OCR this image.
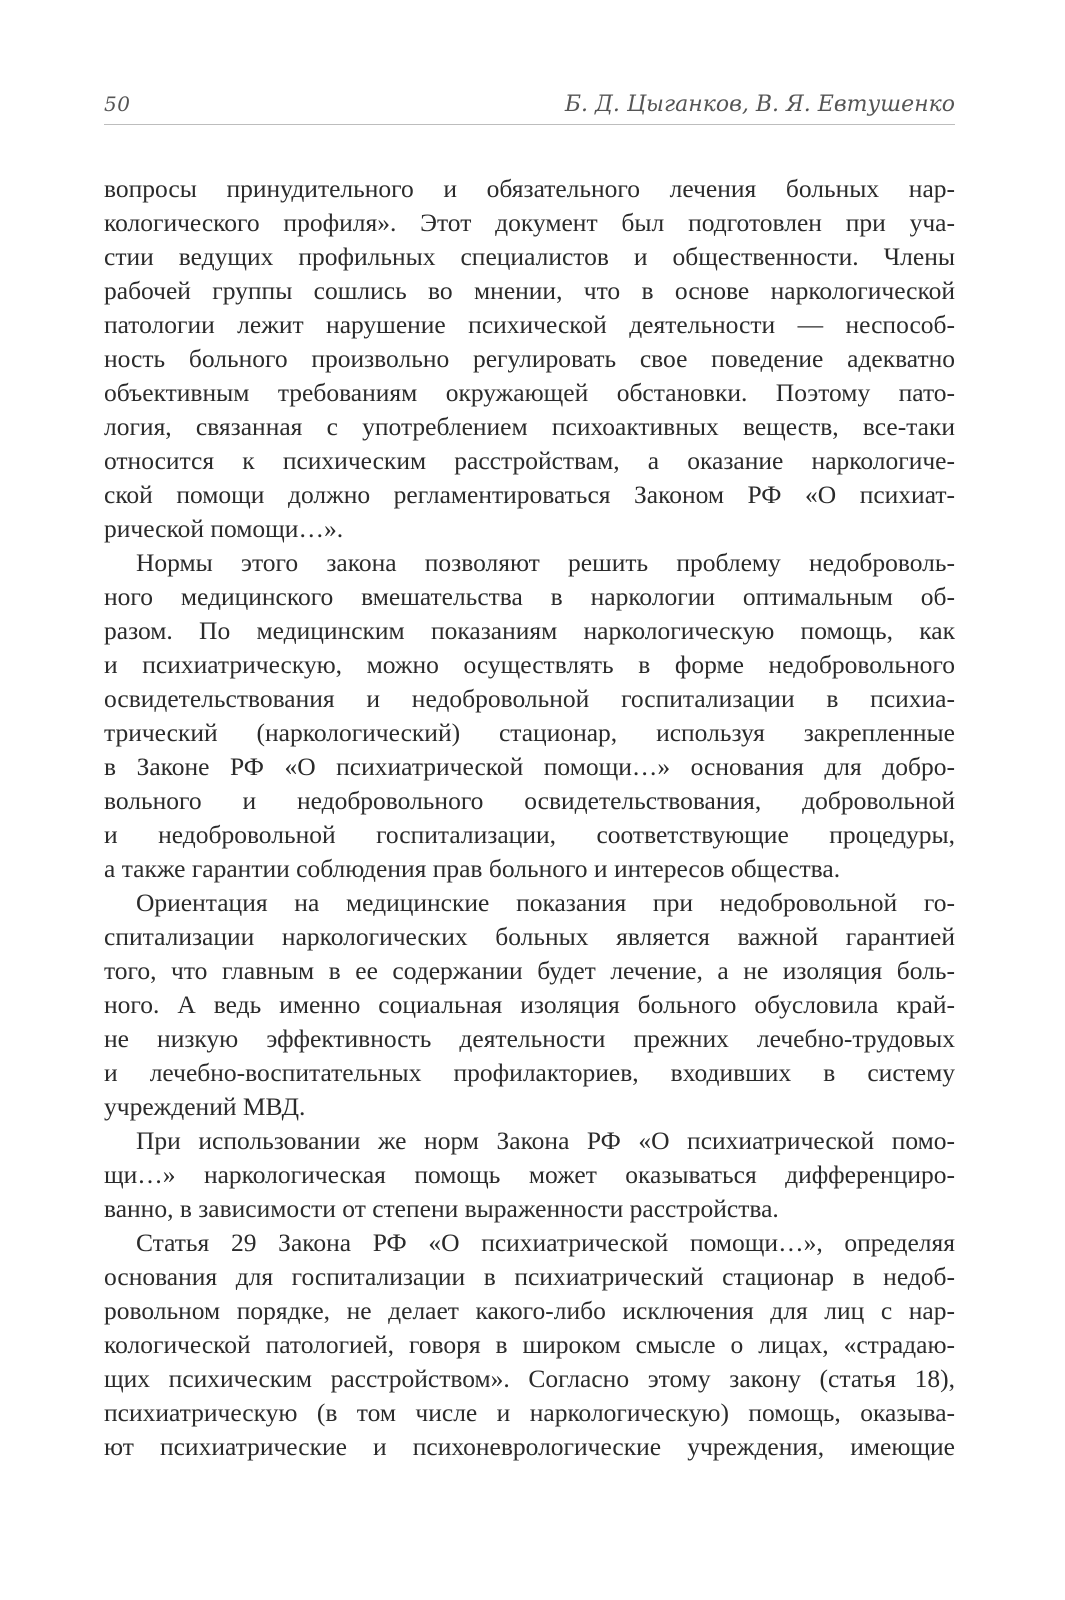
50	Б. Д. Цыганков, В. Я. Евтушенко
вопросы принудительного и обязательного лечения больных нар-
кологического профиля». Этот документ был подготовлен при уча-
стии ведущих профильных специалистов и общественности. Члены
рабочей группы сошлись во мнении, что в основе наркологической
патологии лежит нарушение психической деятельности — неспособ-
ность больного произвольно регулировать свое поведение адекватно
объективным требованиям окружающей обстановки. Поэтому пато-
логия, связанная с употреблением психоактивных веществ, все-таки
относится к психическим расстройствам, а оказание наркологиче-
ской помощи должно регламентироваться Законом РФ «О психиат-
рической помощи…».
Нормы этого закона позволяют решить проблему недоброволь-
ного медицинского вмешательства в наркологии оптимальным об-
разом. По медицинским показаниям наркологическую помощь, как
и психиатрическую, можно осуществлять в форме недобровольного
освидетельствования и недобровольной госпитализации в психиа-
трический (наркологический) стационар, используя закрепленные
в Законе РФ «О психиатрической помощи…» основания для добро-
вольного и недобровольного освидетельствования, добровольной
и недобровольной госпитализации, соответствующие процедуры,
а также гарантии соблюдения прав больного и интересов общества.
Ориентация на медицинские показания при недобровольной го-
спитализации наркологических больных является важной гарантией
того, что главным в ее содержании будет лечение, а не изоляция боль-
ного. А ведь именно социальная изоляция больного обусловила край-
не низкую эффективность деятельности прежних лечебно-трудовых
и лечебно-воспитательных профилакториев, входивших в систему
учреждений МВД.
При использовании же норм Закона РФ «О психиатрической помо-
щи…» наркологическая помощь может оказываться дифференциро-
ванно, в зависимости от степени выраженности расстройства.
Статья 29 Закона РФ «О психиатрической помощи…», определяя
основания для госпитализации в психиатрический стационар в недоб-
ровольном порядке, не делает какого-либо исключения для лиц с нар-
кологической патологией, говоря в широком смысле о лицах, «страдаю-
щих психическим расстройством». Согласно этому закону (статья 18),
психиатрическую (в том числе и наркологическую) помощь, оказыва-
ют психиатрические и психоневрологические учреждения, имеющие
